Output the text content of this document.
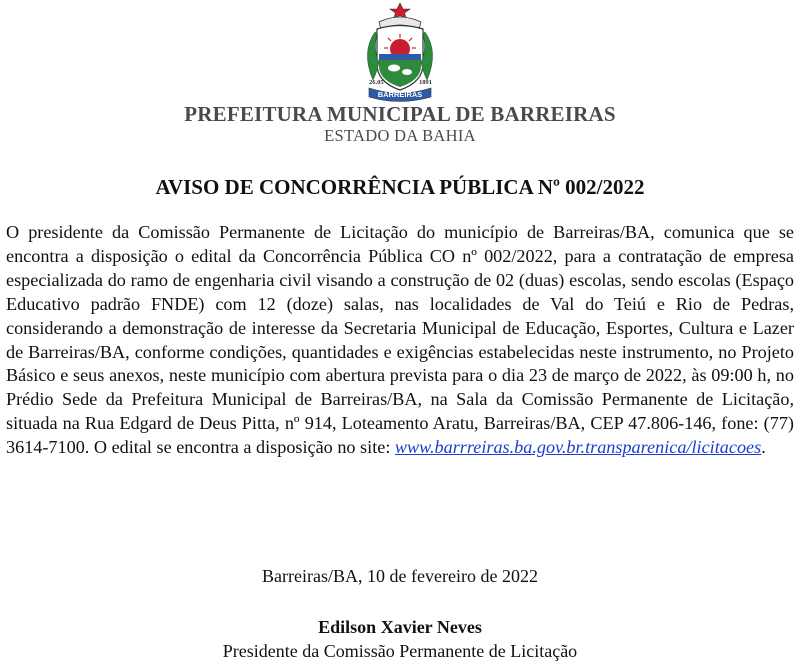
26.05	1891
BARREIRAS
PREFEITURA MUNICIPAL DE BARREIRAS
ESTADO DA BAHIA
AVISO DE CONCORRÊNCIA PÚBLICA Nº 002/2022
O presidente da Comissão Permanente de Licitação do município de Barreiras/BA, comunica que se encontra a disposição o edital da Concorrência Pública CO nº 002/2022, para a contratação de empresa especializada do ramo de engenharia civil visando a construção de 02 (duas) escolas, sendo escolas (Espaço Educativo padrão FNDE) com 12 (doze) salas, nas localidades de Val do Teiú e Rio de Pedras, considerando a demonstração de interesse da Secretaria Municipal de Educação, Esportes, Cultura e Lazer de Barreiras/BA, conforme condições, quantidades e exigências estabelecidas neste instrumento, no Projeto Básico e seus anexos, neste município com abertura prevista para o dia 23 de março de 2022, às 09:00 h, no Prédio Sede da Prefeitura Municipal de Barreiras/BA, na Sala da Comissão Permanente de Licitação, situada na Rua Edgard de Deus Pitta, nº 914, Loteamento Aratu, Barreiras/BA, CEP 47.806-146, fone: (77) 3614-7100. O edital se encontra a disposição no site: www.barrreiras.ba.gov.br.transparenica/licitacoes.
Barreiras/BA, 10 de fevereiro de 2022
Edilson Xavier Neves
Presidente da Comissão Permanente de Licitação
